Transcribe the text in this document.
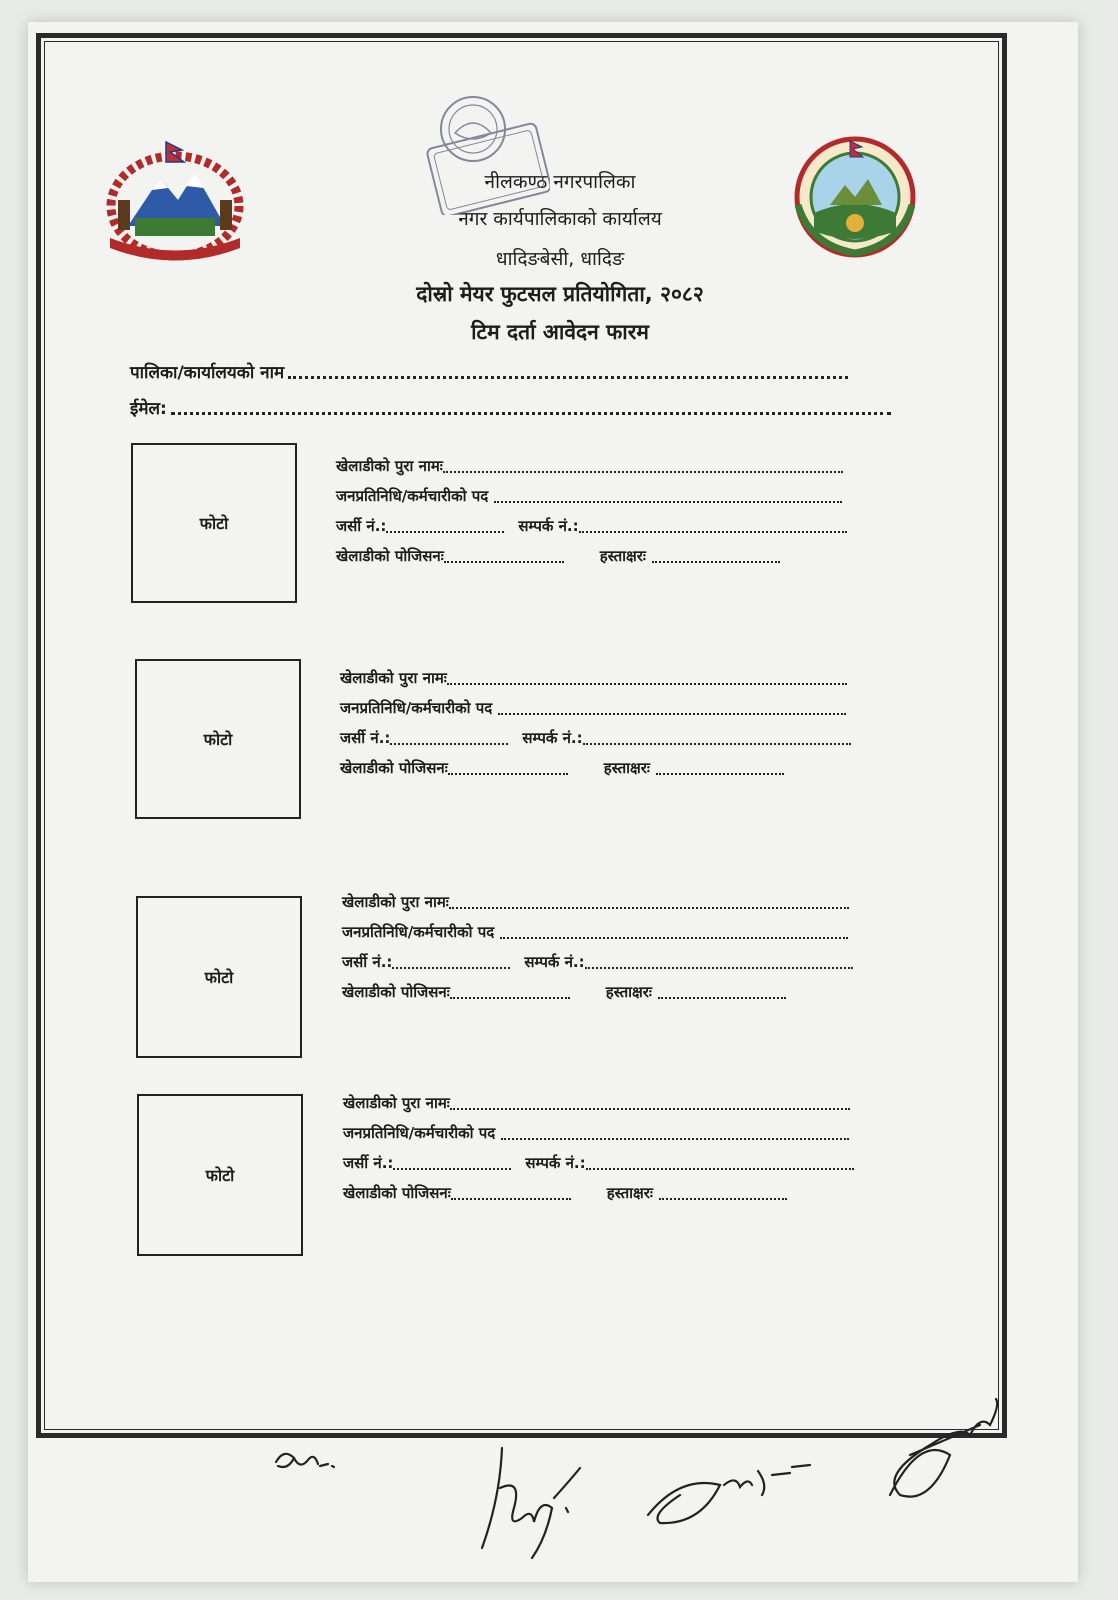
नीलकण्ठ नगरपालिका
नगर कार्यपालिकाको कार्यालय
धादिङबेसी, धादिङ
दोस्रो मेयर फुटसल प्रतियोगिता, २०८२
टिम दर्ता आवेदन फारम
पालिका/कार्यालयको नाम
ईमेल:
फोटो
खेलाडीको पुरा नामः
जनप्रतिनिधि/कर्मचारीको पद
जर्सी नं.:	सम्पर्क नं.:
खेलाडीको पोजिसनः	हस्ताक्षरः
फोटो
खेलाडीको पुरा नामः
जनप्रतिनिधि/कर्मचारीको पद
जर्सी नं.:	सम्पर्क नं.:
खेलाडीको पोजिसनः	हस्ताक्षरः
फोटो
खेलाडीको पुरा नामः
जनप्रतिनिधि/कर्मचारीको पद
जर्सी नं.:	सम्पर्क नं.:
खेलाडीको पोजिसनः	हस्ताक्षरः
फोटो
खेलाडीको पुरा नामः
जनप्रतिनिधि/कर्मचारीको पद
जर्सी नं.:	सम्पर्क नं.:
खेलाडीको पोजिसनः	हस्ताक्षरः
